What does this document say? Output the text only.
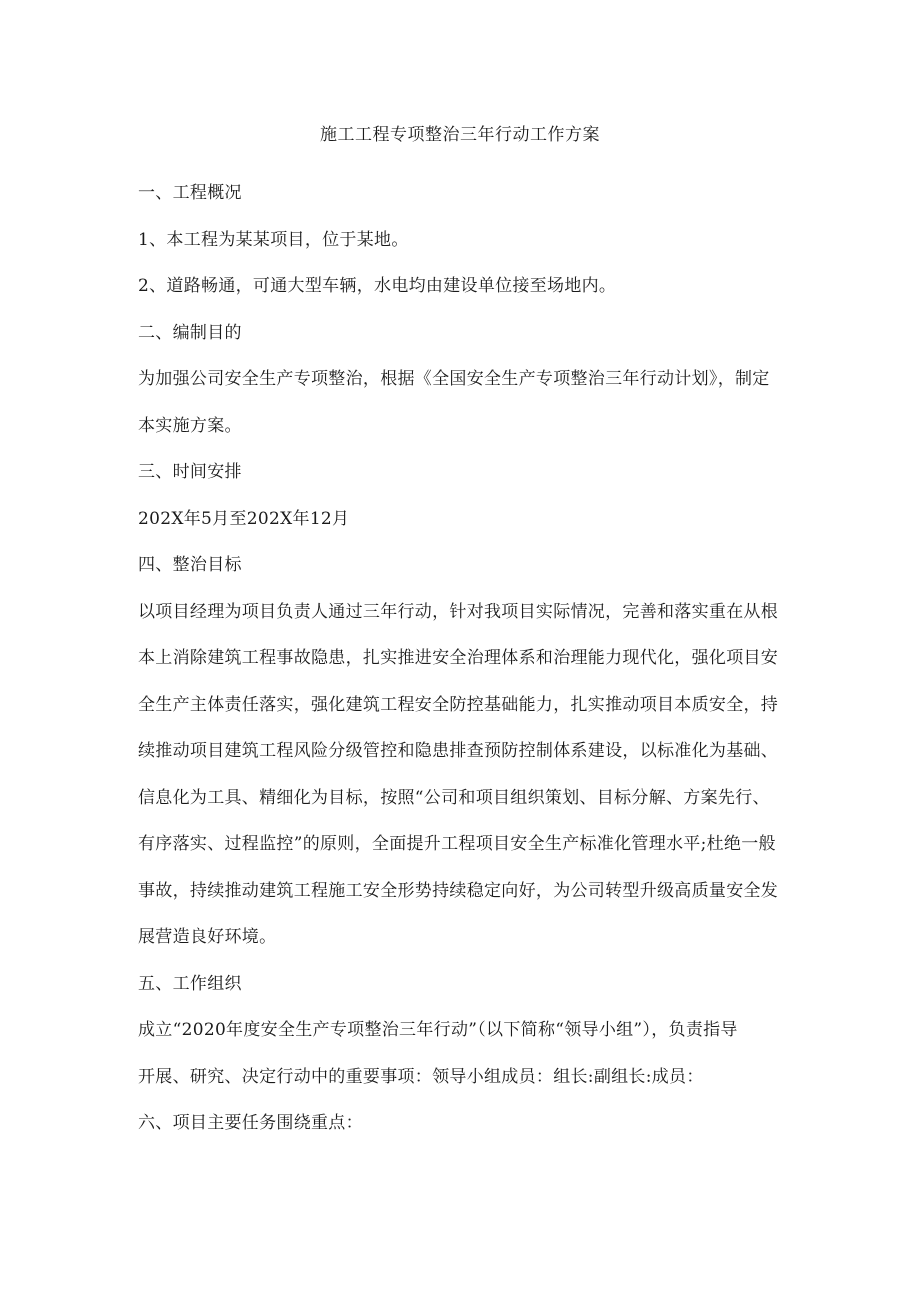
施工工程专项整治三年行动工作方案

一、工程概况

1、本工程为某某项目，位于某地。

2、道路畅通，可通大型车辆，水电均由建设单位接至场地内。

二、编制目的

为加强公司安全生产专项整治，根据《全国安全生产专项整治三年行动计划》，制定
本实施方案。

三、时间安排

202X年5月至202X年12月

四、整治目标

以项目经理为项目负责人通过三年行动，针对我项目实际情况，完善和落实重在从根
本上消除建筑工程事故隐患，扎实推进安全治理体系和治理能力现代化，强化项目安
全生产主体责任落实，强化建筑工程安全防控基础能力，扎实推动项目本质安全，持
续推动项目建筑工程风险分级管控和隐患排查预防控制体系建设，以标准化为基础、
信息化为工具、精细化为目标，按照“公司和项目组织策划、目标分解、方案先行、
有序落实、过程监控”的原则，全面提升工程项目安全生产标准化管理水平;杜绝一般
事故，持续推动建筑工程施工安全形势持续稳定向好，为公司转型升级高质量安全发
展营造良好环境。

五、工作组织

成立“2020年度安全生产专项整治三年行动”（以下简称“领导小组”），负责指导
开展、研究、决定行动中的重要事项：领导小组成员：组长:副组长:成员：

六、项目主要任务围绕重点：
